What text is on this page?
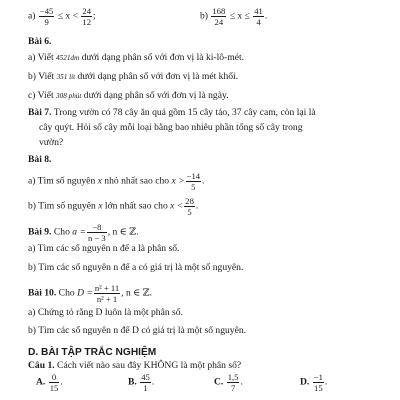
$a) \frac{-45}{9} \le x < \frac{24}{12}$ ;	$b) \frac{168}{24} \le x \le \frac{41}{4}$ .
Bài 6.
a) Viết 4521dm dưới dạng phân số với đơn vị là ki-lô-mét.
b) Viết 351 lít dưới dạng phân số với đơn vị là mét khối.
c) Viết 308 phút dưới dạng phân số với đơn vị là ngày.
Bài 7. Trong vườn có 78 cây ăn quả gồm 15 cây táo, 37 cây cam, còn lại là
cây quýt. Hỏi số cây mỗi loại bằng bao nhiêu phần tổng số cây trong
vườn?
Bài 8.
a) Tìm số nguyên x nhỏ nhất sao cho $x > \frac{-14}{5}$ .
b) Tìm số nguyên x lớn nhất sao cho $x < \frac{28}{5}$ .
Bài 9. Cho $a = \frac{-8}{n - 3}$ , n ∈ ℤ.
a) Tìm các số nguyên n để a là phân số.
b) Tìm các số nguyên n để a có giá trị là một số nguyên.
Bài 10. Cho $D = \frac{\text{n² + 11}}{\text{n² + 1}}$ , n ∈ ℤ.
a) Chứng tỏ rằng D luôn là một phân số.
b) Tìm các số nguyên n để D có giá trị là một số nguyên.
D. BÀI TẬP TRẮC NGHIỆM
Câu 1. Cách viết nào sau đây KHÔNG là một phân số?
A. $\frac{0}{15}$ .	B. $\frac{45}{1}$ .	C. $\frac{1,5}{7}$ .	D. $\frac{-1}{15}$ .
